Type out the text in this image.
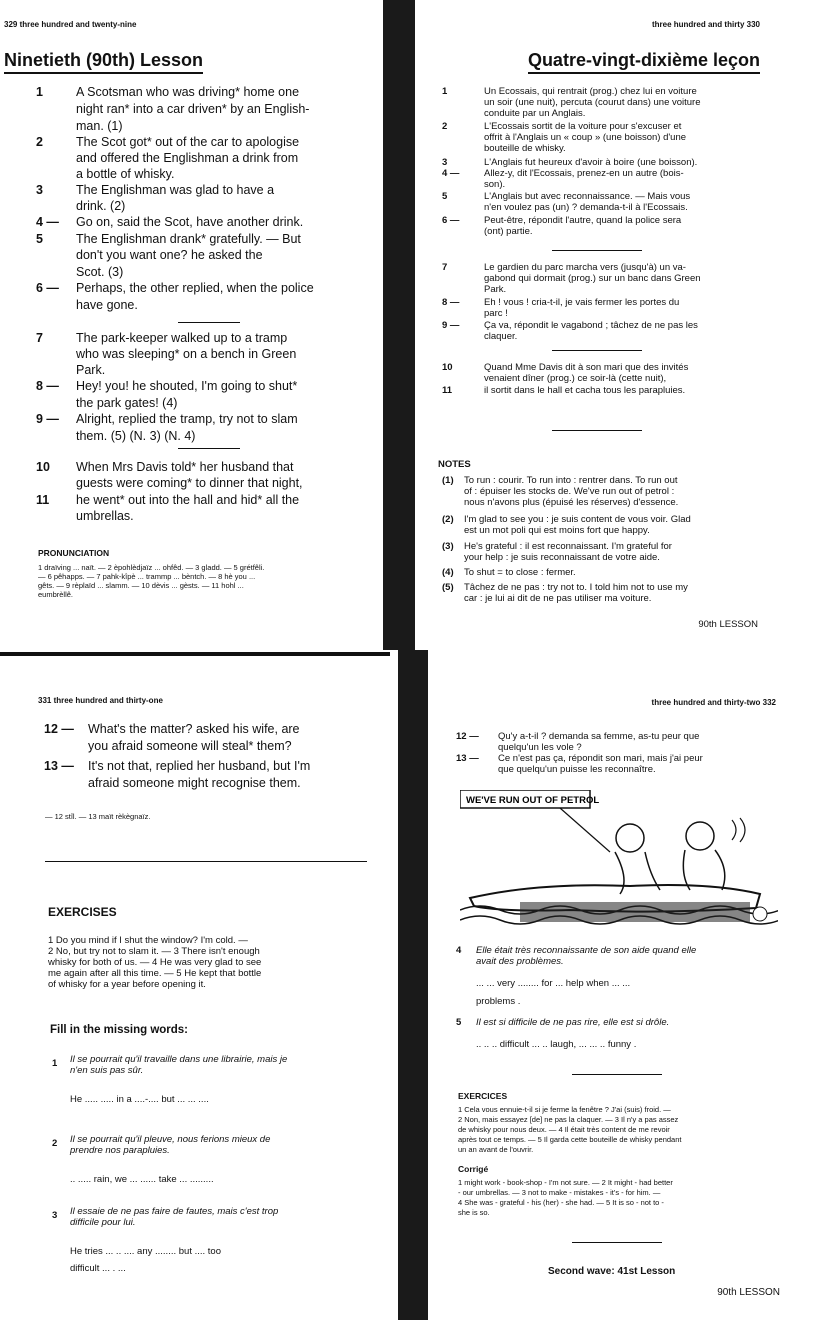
329 three hundred and twenty-nine
Ninetieth (90th) Lesson
1	A Scotsman who was driving* home one
night ran* into a car driven* by an English-
man. (1)
2	The Scot got* out of the car to apologise
and offered the Englishman a drink from
a bottle of whisky.
3	The Englishman was glad to have a
drink. (2)
4 — Go on, said the Scot, have another drink.
5	The Englishman drank* gratefully. — But
don't you want one? he asked the
Scot. (3)
6 — Perhaps, the other replied, when the police
have gone.
7	The park-keeper walked up to a tramp
who was sleeping* on a bench in Green
Park.
8 — Hey! you! he shouted, I'm going to shut*
the park gates! (4)
9 — Alright, replied the tramp, try not to slam
them. (5) (N. 3) (N. 4)
10 When Mrs Davis told* her husband that
guests were coming* to dinner that night,
11 he went* out into the hall and hid* all the
umbrellas.
PRONUNCIATION
1 draïving ... naït. — 2 èpohlèdjaïz ... ohfêd. — 3 gladd. — 5 grétfêli.
— 6 pêhapps. — 7 pahk-kîpè ... trammp ... bèntch. — 8 hè you ...
gêts. — 9 rèplaïd ... slamm. — 10 dèvis ... gèsts. — 11 hohl ...
eumbrèllê.
three hundred and thirty 330
Quatre-vingt-dixième leçon
1	Un Ecossais, qui rentrait (prog.) chez lui en voiture
un soir (une nuit), percuta (courut dans) une voiture
conduite par un Anglais.
2	L'Ecossais sortit de la voiture pour s'excuser et
offrit à l'Anglais un « coup » (une boisson) d'une
bouteille de whisky.
3	L'Anglais fut heureux d'avoir à boire (une boisson).
4 —	Allez-y, dit l'Ecossais, prenez-en un autre (bois-
son).
5	L'Anglais but avec reconnaissance. — Mais vous
n'en voulez pas (un) ? demanda-t-il à l'Ecossais.
6 —	Peut-être, répondit l'autre, quand la police sera
(ont) partie.
7	Le gardien du parc marcha vers (jusqu'à) un va-
gabond qui dormait (prog.) sur un banc dans Green
Park.
8 —	Eh ! vous ! cria-t-il, je vais fermer les portes du
parc !
9 —	Ça va, répondit le vagabond ; tâchez de ne pas les
claquer.
10	Quand Mme Davis dit à son mari que des invités
venaient dîner (prog.) ce soir-là (cette nuit),
11	il sortit dans le hall et cacha tous les parapluies.
NOTES
(1) To run : courir. To run into : rentrer dans. To run out
of : épuiser les stocks de. We've run out of petrol :
nous n'avons plus (épuisé les réserves) d'essence.
(2) I'm glad to see you : je suis content de vous voir. Glad
est un mot poli qui est moins fort que happy.
(3) He's grateful : il est reconnaissant. I'm grateful for
your help : je suis reconnaissant de votre aide.
(4) To shut = to close : fermer.
(5) Tâchez de ne pas : try not to. I told him not to use my
car : je lui ai dit de ne pas utiliser ma voiture.
90th LESSON
331 three hundred and thirty-one
12 — What's the matter? asked his wife, are
you afraid someone will steal* them?
13 — It's not that, replied her husband, but I'm
afraid someone might recognise them.
— 12 stîl. — 13 maït rèkègnaïz.
EXERCISES
1 Do you mind if I shut the window? I'm cold. —
2 No, but try not to slam it. — 3 There isn't enough
whisky for both of us. — 4 He was very glad to see
me again after all this time. — 5 He kept that bottle
of whisky for a year before opening it.
Fill in the missing words:
1 Il se pourrait qu'il travaille dans une librairie, mais je
n'en suis pas sûr.
He ..... ..... in a ....-.... but ... ... ....
2 Il se pourrait qu'il pleuve, nous ferions mieux de
prendre nos parapluies.
.. ..... rain, we ... ...... take ... .........
3 Il essaie de ne pas faire de fautes, mais c'est trop
difficile pour lui.
He tries ... .. .... any ........ but .... too
difficult ... . ...
three hundred and thirty-two 332
12 — Qu'y a-t-il ? demanda sa femme, as-tu peur que
quelqu'un les vole ?
13 — Ce n'est pas ça, répondit son mari, mais j'ai peur
que quelqu'un puisse les reconnaître.
WE'VE RUN OUT OF PETROL
4 Elle était très reconnaissante de son aide quand elle
avait des problèmes.
... ... very ........ for ... help when ... ...
problems .
5 Il est si difficile de ne pas rire, elle est si drôle.
.. .. .. difficult ... .. laugh, ... ... .. funny .
EXERCICES
1 Cela vous ennuie-t-il si je ferme la fenêtre ? J'ai (suis) froid. —
2 Non, mais essayez [de] ne pas la claquer. — 3 Il n'y a pas assez
de whisky pour nous deux. — 4 Il était très content de me revoir
après tout ce temps. — 5 Il garda cette bouteille de whisky pendant
un an avant de l'ouvrir.
Corrigé
1 might work - book-shop - I'm not sure. — 2 It might - had better
- our umbrellas. — 3 not to make - mistakes - it's - for him. —
4 She was - grateful - his (her) - she had. — 5 It is so - not to -
she is so.
Second wave: 41st Lesson
90th LESSON
